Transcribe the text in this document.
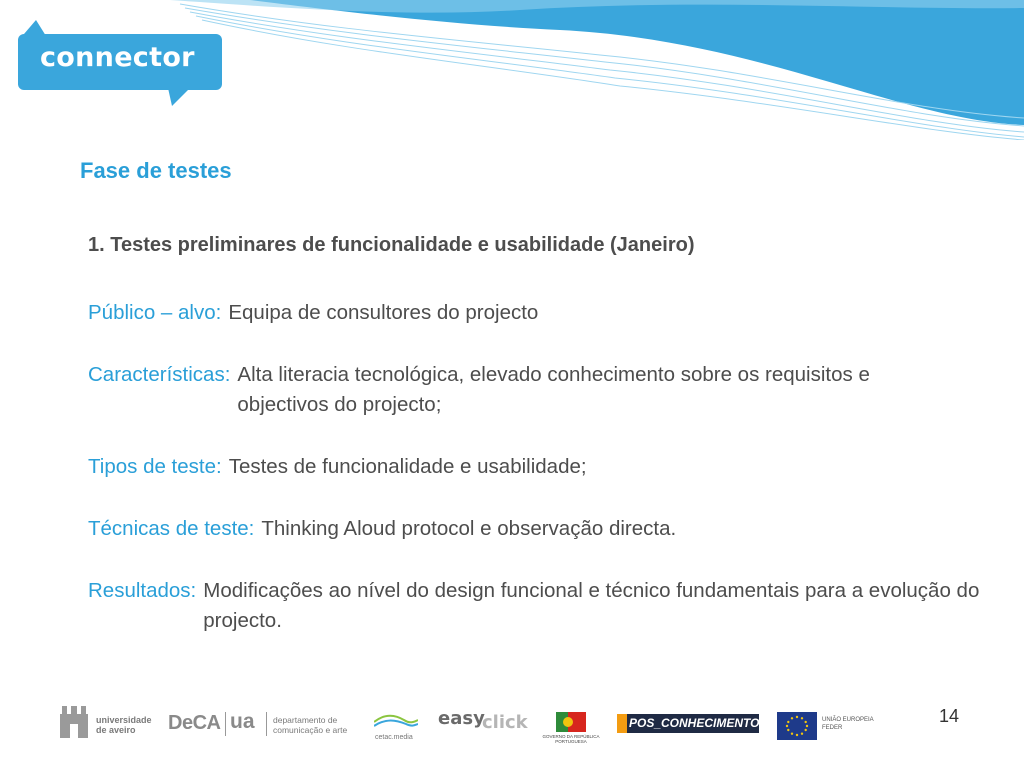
connector
Fase de testes

1. Testes preliminares de funcionalidade e usabilidade (Janeiro)

Público – alvo: Equipa de consultores do projecto
Características: Alta literacia tecnológica, elevado conhecimento sobre os requisitos e objectivos do projecto;
Tipos de teste: Testes de funcionalidade e usabilidade;
Técnicas de teste: Thinking Aloud protocol e observação directa.
Resultados: Modificações ao nível do design funcional e técnico fundamentais para a evolução do projecto.
14
universidade
de aveiro	DeCA ua departamento de
comunicação e arte
cetac.media
easy
click
GOVERNO DA REPÚBLICA
PORTUGUESA
POS_CONHECIMENTO	UNIÃO EUROPEIA
FEDER
